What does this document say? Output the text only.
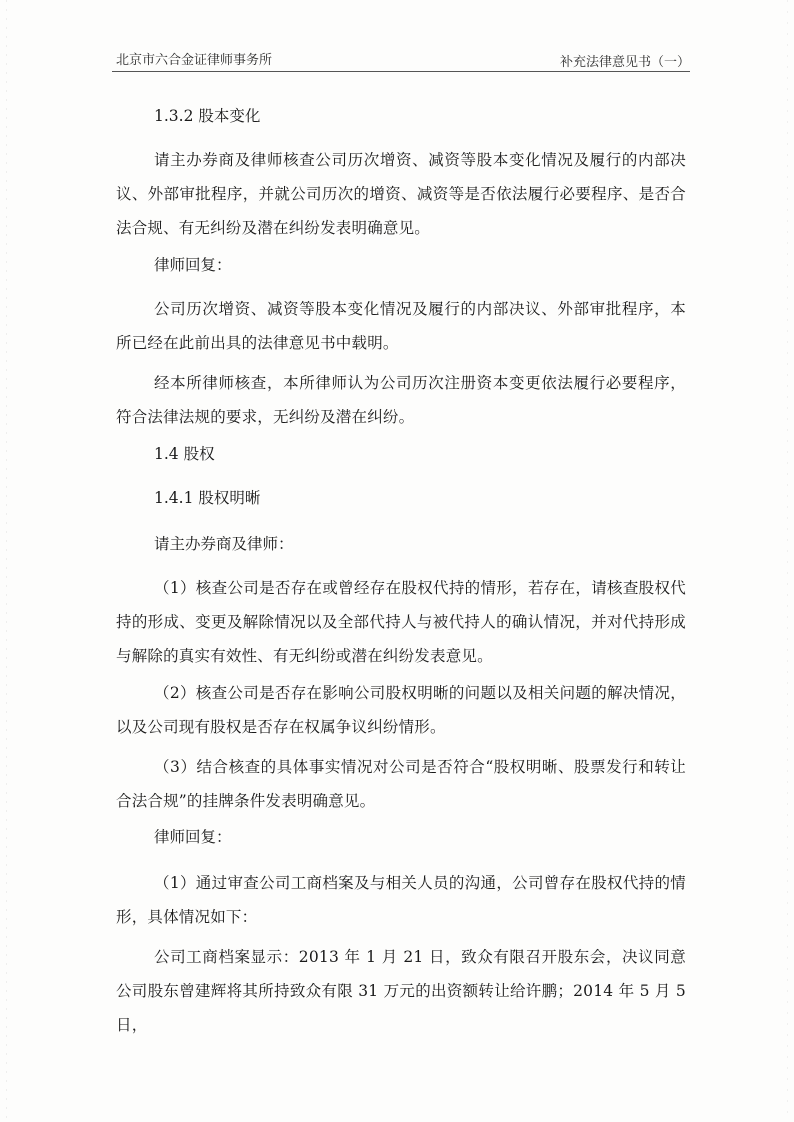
北京市六合金证律师事务所	补充法律意见书（一）
1.3.2 股本变化
请主办券商及律师核查公司历次增资、减资等股本变化情况及履行的内部决议、外部审批程序，并就公司历次的增资、减资等是否依法履行必要程序、是否合法合规、有无纠纷及潜在纠纷发表明确意见。
律师回复：
公司历次增资、减资等股本变化情况及履行的内部决议、外部审批程序，本所已经在此前出具的法律意见书中载明。
经本所律师核查，本所律师认为公司历次注册资本变更依法履行必要程序，符合法律法规的要求，无纠纷及潜在纠纷。
1.4 股权
1.4.1 股权明晰
请主办券商及律师：
（1）核查公司是否存在或曾经存在股权代持的情形，若存在，请核查股权代持的形成、变更及解除情况以及全部代持人与被代持人的确认情况，并对代持形成与解除的真实有效性、有无纠纷或潜在纠纷发表意见。
（2）核查公司是否存在影响公司股权明晰的问题以及相关问题的解决情况，以及公司现有股权是否存在权属争议纠纷情形。
（3）结合核查的具体事实情况对公司是否符合“股权明晰、股票发行和转让合法合规”的挂牌条件发表明确意见。
律师回复：
（1）通过审查公司工商档案及与相关人员的沟通，公司曾存在股权代持的情形，具体情况如下：
公司工商档案显示：2013 年 1 月 21 日，致众有限召开股东会，决议同意公司股东曾建辉将其所持致众有限 31 万元的出资额转让给许鹏；2014 年 5 月 5 日，
